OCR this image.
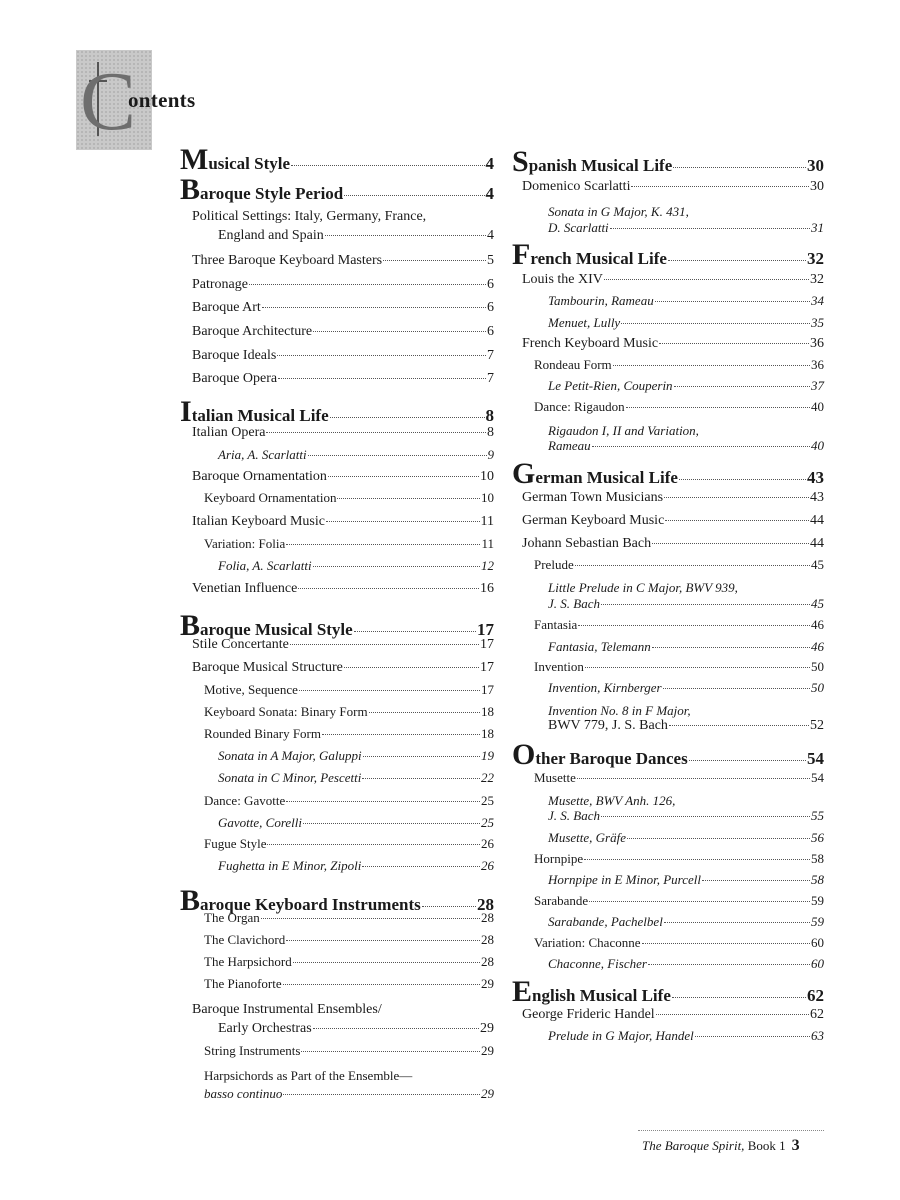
C
ontents
Musical Style	4
Baroque Style Period	4
Political Settings: Italy, Germany, France,
England and Spain	4
Three Baroque Keyboard Masters	5
Patronage	6
Baroque Art	6
Baroque Architecture	6
Baroque Ideals	7
Baroque Opera	7
Italian Musical Life	8
Italian Opera	8
Aria, A. Scarlatti	9
Baroque Ornamentation	10
Keyboard Ornamentation	10
Italian Keyboard Music	11
Variation: Folia	11
Folia, A. Scarlatti	12
Venetian Influence	16
Baroque Musical Style	17
Stile Concertante	17
Baroque Musical Structure	17
Motive, Sequence	17
Keyboard Sonata: Binary Form	18
Rounded Binary Form	18
Sonata in A Major, Galuppi	19
Sonata in C Minor, Pescetti	22
Dance: Gavotte	25
Gavotte, Corelli	25
Fugue Style	26
Fughetta in E Minor, Zipoli	26
Baroque Keyboard Instruments	28
The Organ	28
The Clavichord	28
The Harpsichord	28
The Pianoforte	29
Baroque Instrumental Ensembles/
Early Orchestras	29
String Instruments	29
Harpsichords as Part of the Ensemble—
basso continuo	29
Spanish Musical Life	30
Domenico Scarlatti	30
Sonata in G Major, K. 431,
D. Scarlatti	31
French Musical Life	32
Louis the XIV	32
Tambourin, Rameau	34
Menuet, Lully	35
French Keyboard Music	36
Rondeau Form	36
Le Petit-Rien, Couperin	37
Dance: Rigaudon	40
Rigaudon I, II and Variation,
Rameau	40
German Musical Life	43
German Town Musicians	43
German Keyboard Music	44
Johann Sebastian Bach	44
Prelude	45
Little Prelude in C Major, BWV 939,
J. S. Bach	45
Fantasia	46
Fantasia, Telemann	46
Invention	50
Invention, Kirnberger	50
Invention No. 8 in F Major,
BWV 779, J. S. Bach	52
Other Baroque Dances	54
Musette	54
Musette, BWV Anh. 126,
J. S. Bach	55
Musette, Gräfe	56
Hornpipe	58
Hornpipe in E Minor, Purcell	58
Sarabande	59
Sarabande, Pachelbel	59
Variation: Chaconne	60
Chaconne, Fischer	60
English Musical Life	62
George Frideric Handel	62
Prelude in G Major, Handel	63
The Baroque Spirit, Book 1 3
